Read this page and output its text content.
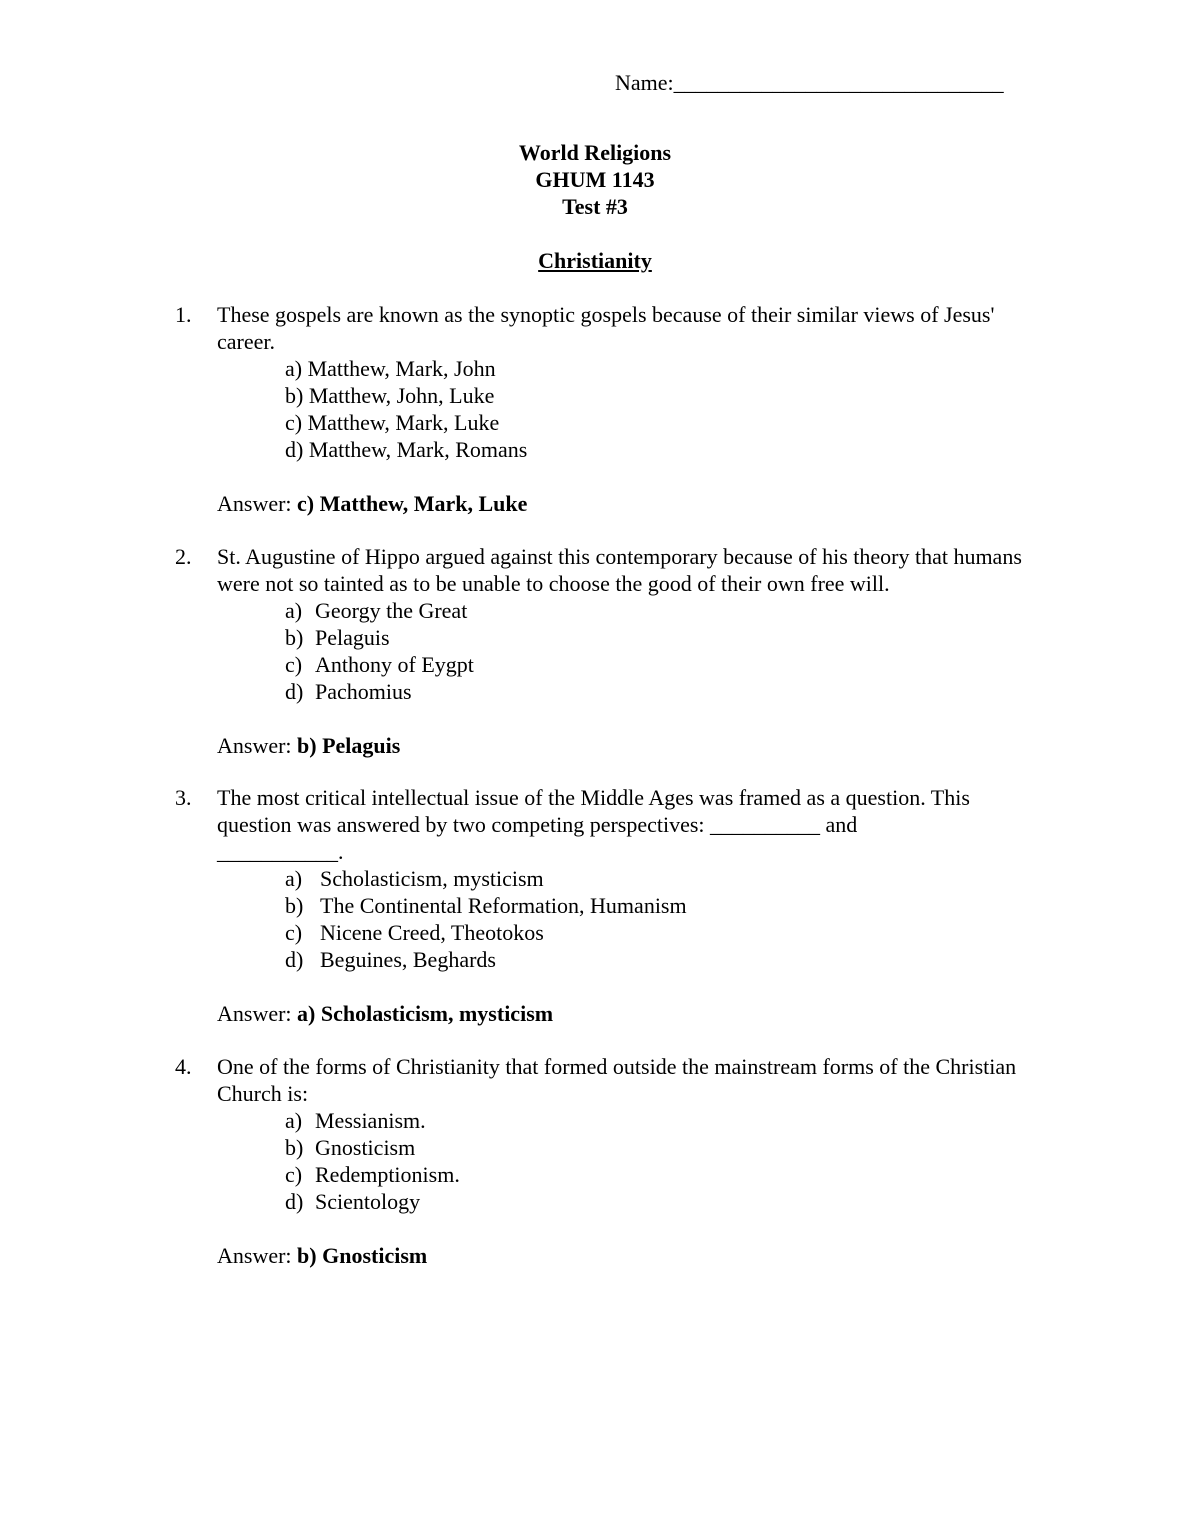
Name:______________________________
World Religions
GHUM 1143
Test #3
Christianity
1. These gospels are known as the synoptic gospels because of their similar views of Jesus' career.
a) Matthew, Mark, John
b) Matthew, John, Luke
c) Matthew, Mark, Luke
d) Matthew, Mark, Romans
Answer: c) Matthew, Mark, Luke
2. St. Augustine of Hippo argued against this contemporary because of his theory that humans were not so tainted as to be unable to choose the good of their own free will.
a) Georgy the Great
b) Pelaguis
c) Anthony of Eygpt
d) Pachomius
Answer: b) Pelaguis
3. The most critical intellectual issue of the Middle Ages was framed as a question. This question was answered by two competing perspectives: __________ and ___________.
a) Scholasticism, mysticism
b) The Continental Reformation, Humanism
c) Nicene Creed, Theotokos
d) Beguines, Beghards
Answer: a) Scholasticism, mysticism
4. One of the forms of Christianity that formed outside the mainstream forms of the Christian Church is:
a) Messianism.
b) Gnosticism
c) Redemptionism.
d) Scientology
Answer: b) Gnosticism
